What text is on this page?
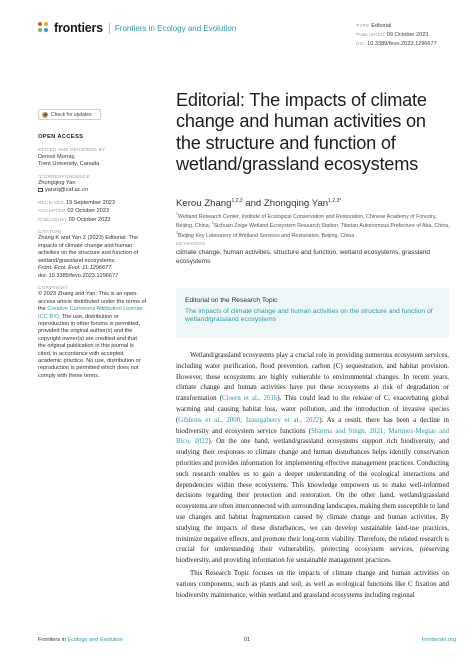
frontiers Frontiers in Ecology and Evolution	TYPE Editorial
PUBLISHED 09 October 2023
DOI 10.3389/fevo.2023.1296677
Check for updates
OPEN ACCESS
EDITED AND REVIEWED BY
Dennis Murray,
Trent University, Canada
*CORRESPONDENCE
Zhongqing Yan
yanzq@caf.ac.cn
RECEIVED 19 September 2023
ACCEPTED 02 October 2023
PUBLISHED 09 October 2023
CITATION
Zhang K and Yan Z (2023) Editorial: The
impacts of climate change and human
activities on the structure and function of
wetland/grassland ecosystems.
Front. Ecol. Evol. 11:1296677.
doi: 10.3389/fevo.2023.1296677
COPYRIGHT
© 2023 Zhang and Yan. This is an open-
access article distributed under the terms of
the Creative Commons Attribution License
(CC BY). The use, distribution or
reproduction in other forums is permitted,
provided the original author(s) and the
copyright owner(s) are credited and that
the original publication in this journal is
cited, in accordance with accepted
academic practice. No use, distribution or
reproduction is permitted which does not
comply with these terms.
Editorial: The impacts of climate change and human activities on the structure and function of wetland/grassland ecosystems
Kerou Zhang$^{1,2,3}$ and Zhongqing Yan$^{1,2,3*}$
$^1$Wetland Research Center, Institute of Ecological Conservation and Restoration, Chinese Academy of Forestry, Beijing, China, $^2$Sichuan Zoige Wetland Ecosystem Research Station, Tibetan Autonomous Prefecture of Aba, China, $^3$Beijing Key Laboratory of Wetland Services and Restoration, Beijing, China
KEYWORDS
climate change, human activities, structure and function, wetland ecosystems, grassland ecosystems
Editorial on the Research Topic
The impacts of climate change and human activities on the structure and function of wetland/grassland ecosystems

Wetland/grassland ecosystems play a crucial role in providing numerous ecosystem services, including water purification, flood prevention, carbon (C) sequestration, and habitat provision. However, these ecosystems are highly vulnerable to environmental changes. In recent years, climate change and human activities have put these ecosystems at risk of degradation or transformation (Cloern et al., 2016). This could lead to the release of C, exacerbating global warming and causing habitat loss, water pollution, and the introduction of invasive species (Gibbons et al., 2000; Izaurgaberry et al., 2022). As a result, there has been a decline in biodiversity and ecosystem service functions (Sharma and Singh, 2021; Martinez-Megias and Rico, 2022). On the one hand, wetland/grassland ecosystems support rich biodiversity, and studying their responses to climate change and human disturbances helps identify conservation priorities and provides information for implementing effective management practices. Conducting such research enables us to gain a deeper understanding of the ecological interactions and dependencies within these ecosystems. This knowledge empowers us to make well-informed decisions regarding their protection and restoration. On the other hand, wetland/grassland ecosystems are often interconnected with surrounding landscapes, making them susceptible to land use changes and habitat fragmentation caused by climate change and human activities. By studying the impacts of these disturbances, we can develop sustainable land-use practices, minimize negative effects, and promote their long-term viability. Therefore, the related research is crucial for understanding their vulnerability, protecting ecosystem services, preserving biodiversity, and providing information for sustainable management practices.

This Research Topic focuses on the impacts of climate change and human activities on various components, such as plants and soil, as well as ecological functions like C fixation and biodiversity maintenance, within wetland and grassland ecosystems including regional

Frontiers in Ecology and Evolution	01	frontiersin.org
